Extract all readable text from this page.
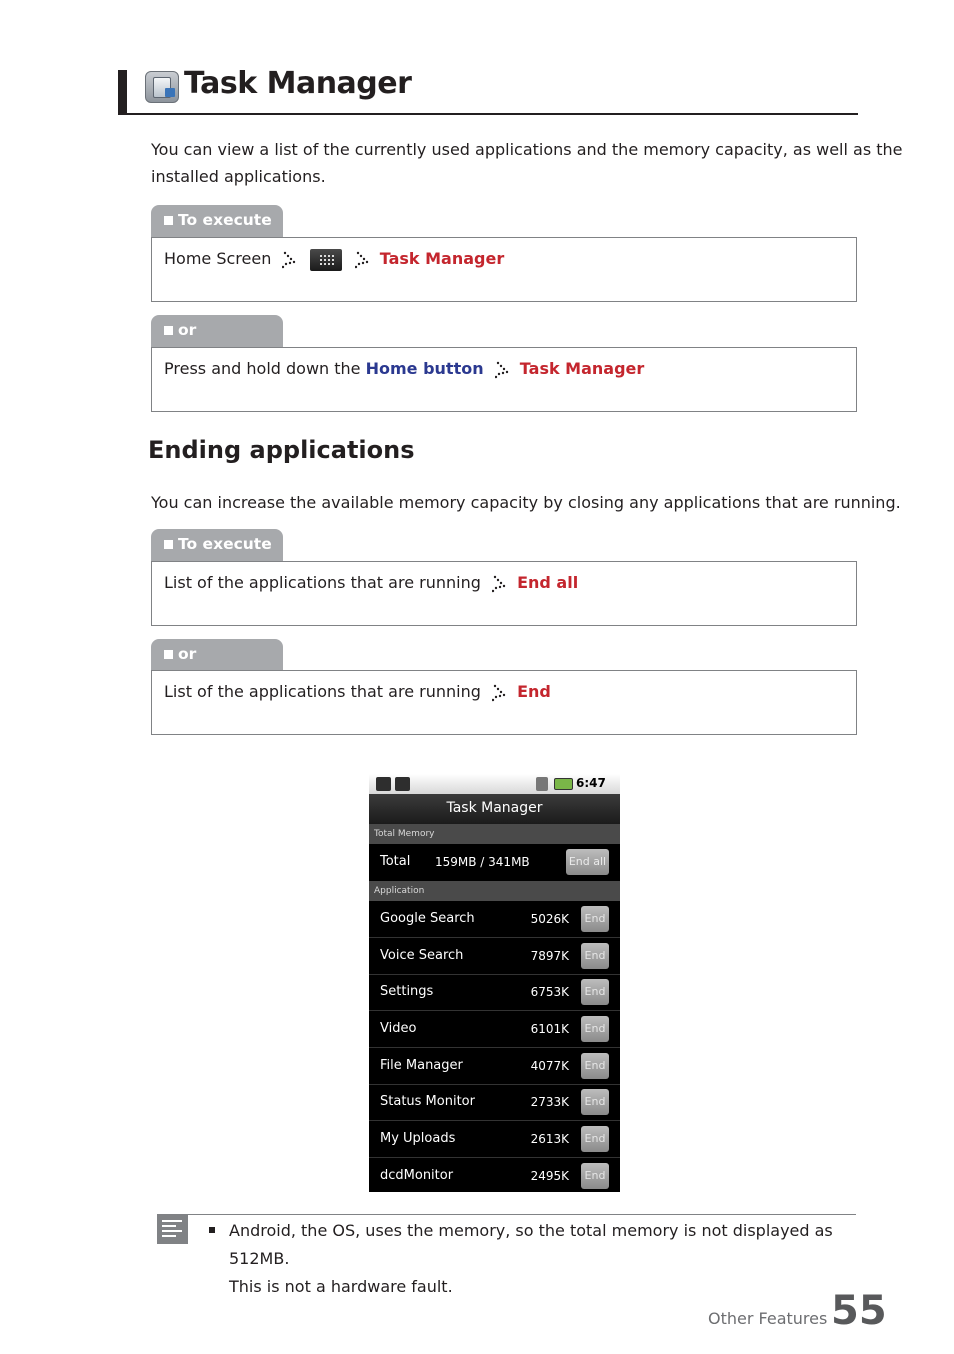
Task Manager
You can view a list of the currently used applications and the memory capacity, as well as the
installed applications.
To execute
Home Screen	Task Manager
or
Press and hold down the Home button Task Manager
Ending applications
You can increase the available memory capacity by closing any applications that are running.
To execute
List of the applications that are running End all
or
List of the applications that are running End
6:47
Task Manager
Total Memory
Total 159MB / 341MB	End all
Application
Google Search	5026K	End
Voice Search	7897K	End
Settings	6753K	End
Video	6101K	End
File Manager	4077K	End
Status Monitor	2733K	End
My Uploads	2613K	End
dcdMonitor	2495K	End
Android, the OS, uses the memory, so the total memory is not displayed as 512MB.
This is not a hardware fault.
Other Features 55
